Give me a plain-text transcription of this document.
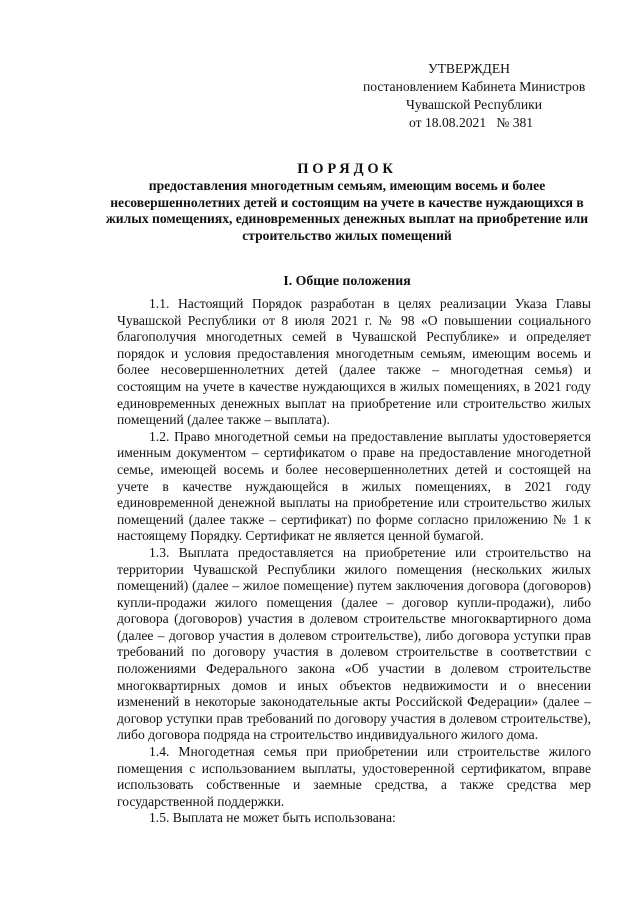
УТВЕРЖДЕН
постановлением Кабинета Министров
Чувашской Республики
от 18.08.2021   № 381
ПОРЯДОК
предоставления многодетным семьям, имеющим восемь и более несовершеннолетних детей и состоящим на учете в качестве нуждающихся в жилых помещениях, единовременных денежных выплат на приобретение или строительство жилых помещений
I. Общие положения

1.1. Настоящий Порядок разработан в целях реализации Указа Главы Чувашской Республики от 8 июля 2021 г. № 98 «О повышении социального благополучия многодетных семей в Чувашской Республике» и определяет порядок и условия предоставления многодетным семьям, имеющим восемь и более несовершеннолетних детей (далее также – многодетная семья) и состоящим на учете в качестве нуждающихся в жилых помещениях, в 2021 году единовременных денежных выплат на приобретение или строительство жилых помещений (далее также – выплата).

1.2. Право многодетной семьи на предоставление выплаты удостоверяется именным документом – сертификатом о праве на предоставление многодетной семье, имеющей восемь и более несовершеннолетних детей и состоящей на учете в качестве нуждающейся в жилых помещениях, в 2021 году единовременной денежной выплаты на приобретение или строительство жилых помещений (далее также – сертификат) по форме согласно приложению № 1 к настоящему Порядку. Сертификат не является ценной бумагой.

1.3. Выплата предоставляется на приобретение или строительство на территории Чувашской Республики жилого помещения (нескольких жилых помещений) (далее – жилое помещение) путем заключения договора (договоров) купли-продажи жилого помещения (далее – договор купли-продажи), либо договора (договоров) участия в долевом строительстве многоквартирного дома (далее – договор участия в долевом строительстве), либо договора уступки прав требований по договору участия в долевом строительстве в соответствии с положениями Федерального закона «Об участии в долевом строительстве многоквартирных домов и иных объектов недвижимости и о внесении изменений в некоторые законодательные акты Российской Федерации» (далее – договор уступки прав требований по договору участия в долевом строительстве), либо договора подряда на строительство индивидуального жилого дома.

1.4. Многодетная семья при приобретении или строительстве жилого помещения с использованием выплаты, удостоверенной сертификатом, вправе использовать собственные и заемные средства, а также средства мер государственной поддержки.

1.5. Выплата не может быть использована:
